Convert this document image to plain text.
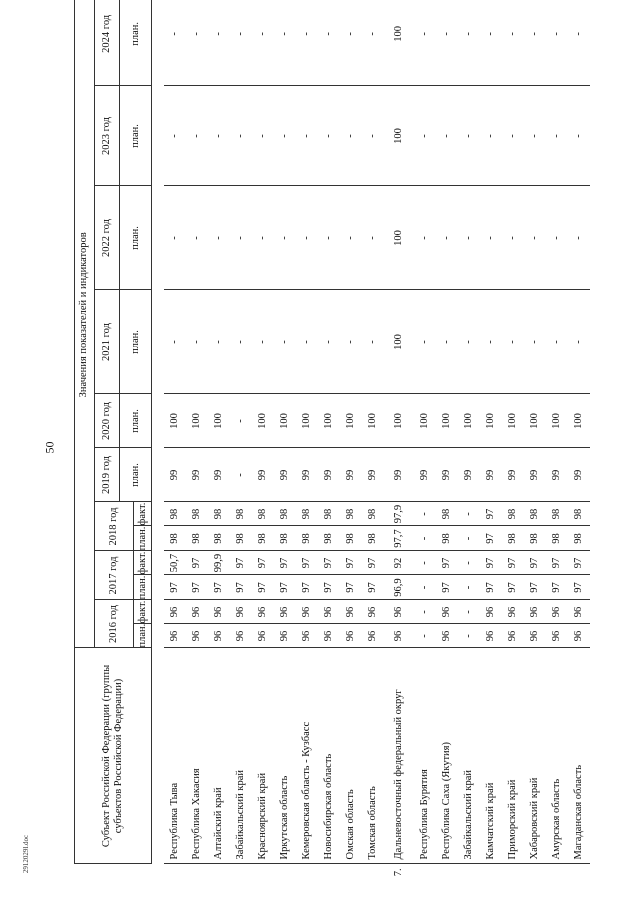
50
2912029l.doc
	Субъект Российской Федерации (группы субъектов Российской Федерации)	Значения показателей и индикаторов												
		2016 год		2017 год		2018 год		2019 год	2020 год	2021 год	2022 год	2023 год	2024 год	
								план.	план.	план.	план.	план.	план.	
		план.	факт.	план.	факт.	план.	факт.							

	Республика Тыва	96	96	97	50,7	98	98	99	100	-	-	-	-	
	Республика Хакасия	96	96	97	97	98	98	99	100	-	-	-	-	
	Алтайский край	96	96	97	99,9	98	98	99	100	-	-	-	-	
	Забайкальский край	96	96	97	97	98	98	-	-	-	-	-	-	
	Красноярский край	96	96	97	97	98	98	99	100	-	-	-	-	
	Иркутская область	96	96	97	97	98	98	99	100	-	-	-	-	
	Кемеровская область - Кузбасс	96	96	97	97	98	98	99	100	-	-	-	-	
	Новосибирская область	96	96	97	97	98	98	99	100	-	-	-	-	
	Омская область	96	96	97	97	98	98	99	100	-	-	-	-	
	Томская область	96	96	97	97	98	98	99	100	-	-	-	-	
7.	Дальневосточный федеральный округ	96	96	96,9	92	97,7	97,9	99	100	100	100	100	100	
	Республика Бурятия	-	-	-	-	-	-	99	100	-	-	-	-	
	Республика Саха (Якутия)	96	96	97	97	98	98	99	100	-	-	-	-	
	Забайкальский край	-	-	-	-	-	-	99	100	-	-	-	-	
	Камчатский край	96	96	97	97	97	97	99	100	-	-	-	-	
	Приморский край	96	96	97	97	98	98	99	100	-	-	-	-	
	Хабаровский край	96	96	97	97	98	98	99	100	-	-	-	-	
	Амурская область	96	96	97	97	98	98	99	100	-	-	-	-	
	Магаданская область	96	96	97	97	98	98	99	100	-	-	-	-	
